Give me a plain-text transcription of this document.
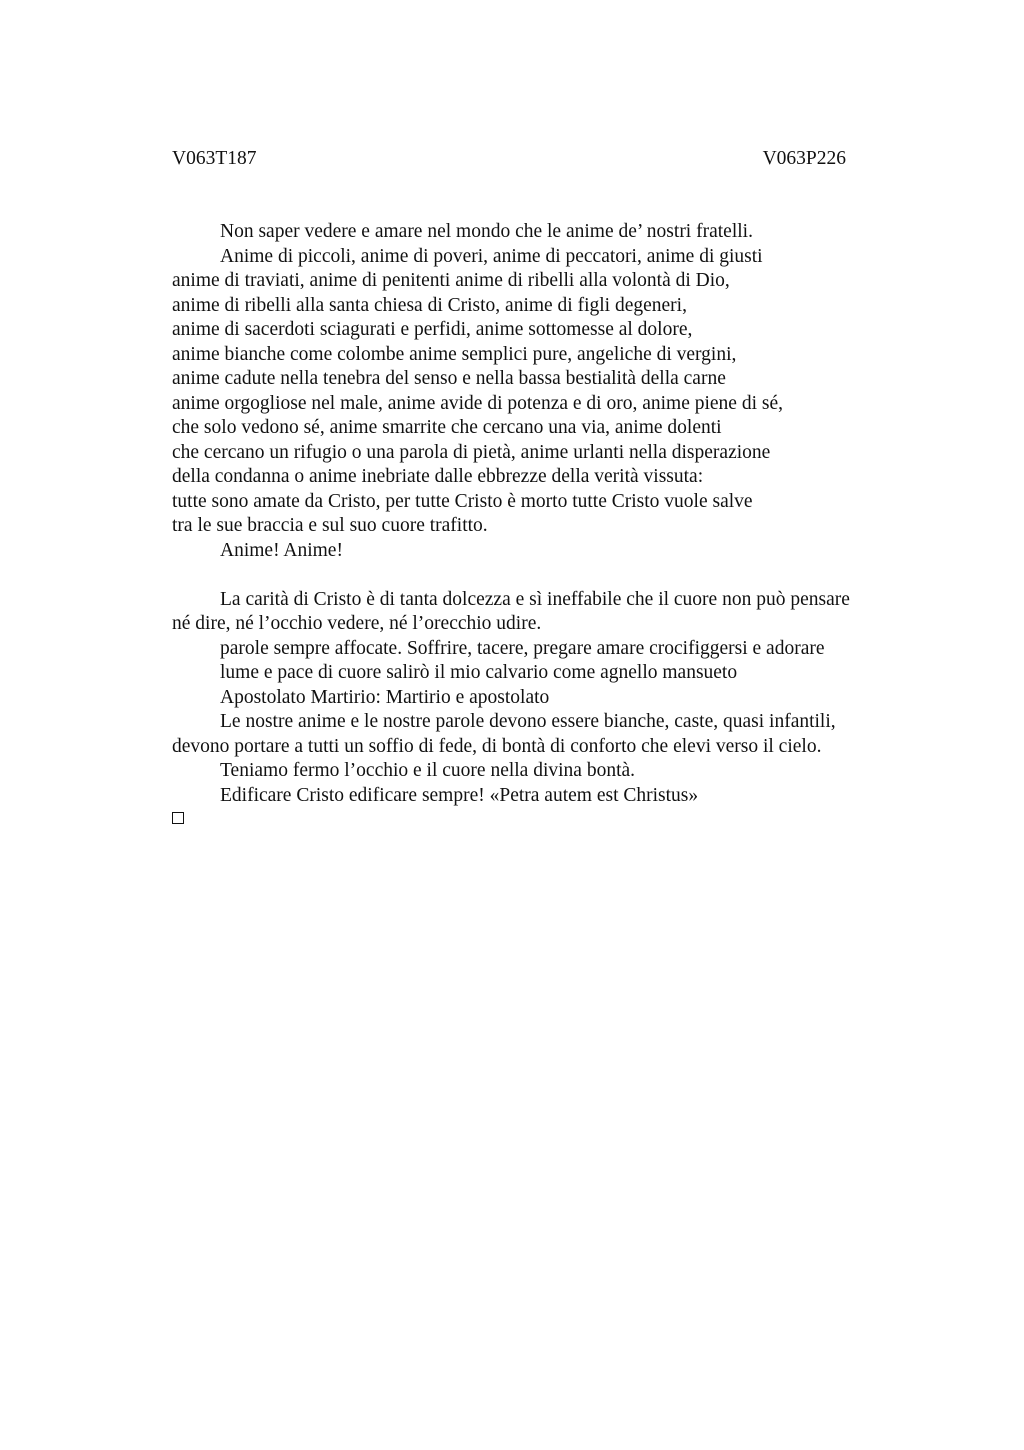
V063T187	V063P226
Non saper vedere e amare nel mondo che le anime de’ nostri fratelli.
Anime di piccoli, anime di poveri, anime di peccatori, anime di giusti
anime di traviati, anime di penitenti anime di ribelli alla volontà di Dio,
anime di ribelli alla santa chiesa di Cristo, anime di figli degeneri,
anime di sacerdoti sciagurati e perfidi, anime sottomesse al dolore,
anime bianche come colombe anime semplici pure, angeliche di vergini,
anime cadute nella tenebra del senso e nella bassa bestialità della carne
anime orgogliose nel male, anime avide di potenza e di oro, anime piene di sé,
che solo vedono sé, anime smarrite che cercano una via, anime dolenti
che cercano un rifugio o una parola di pietà, anime urlanti nella disperazione
della condanna o anime inebriate dalle ebbrezze della verità vissuta:
tutte sono amate da Cristo, per tutte Cristo è morto tutte Cristo vuole salve
tra le sue braccia e sul suo cuore trafitto.
Anime! Anime!
La carità di Cristo è di tanta dolcezza e sì ineffabile che il cuore non può pensare
né dire, né l’occhio vedere, né l’orecchio udire.
parole sempre affocate. Soffrire, tacere, pregare amare crocifiggersi e adorare
lume e pace di cuore salirò il mio calvario come agnello mansueto
Apostolato Martirio: Martirio e apostolato
Le nostre anime e le nostre parole devono essere bianche, caste, quasi infantili,
devono portare a tutti un soffio di fede, di bontà di conforto che elevi verso il cielo.
Teniamo fermo l’occhio e il cuore nella divina bontà.
Edificare Cristo edificare sempre! «Petra autem est Christus»
